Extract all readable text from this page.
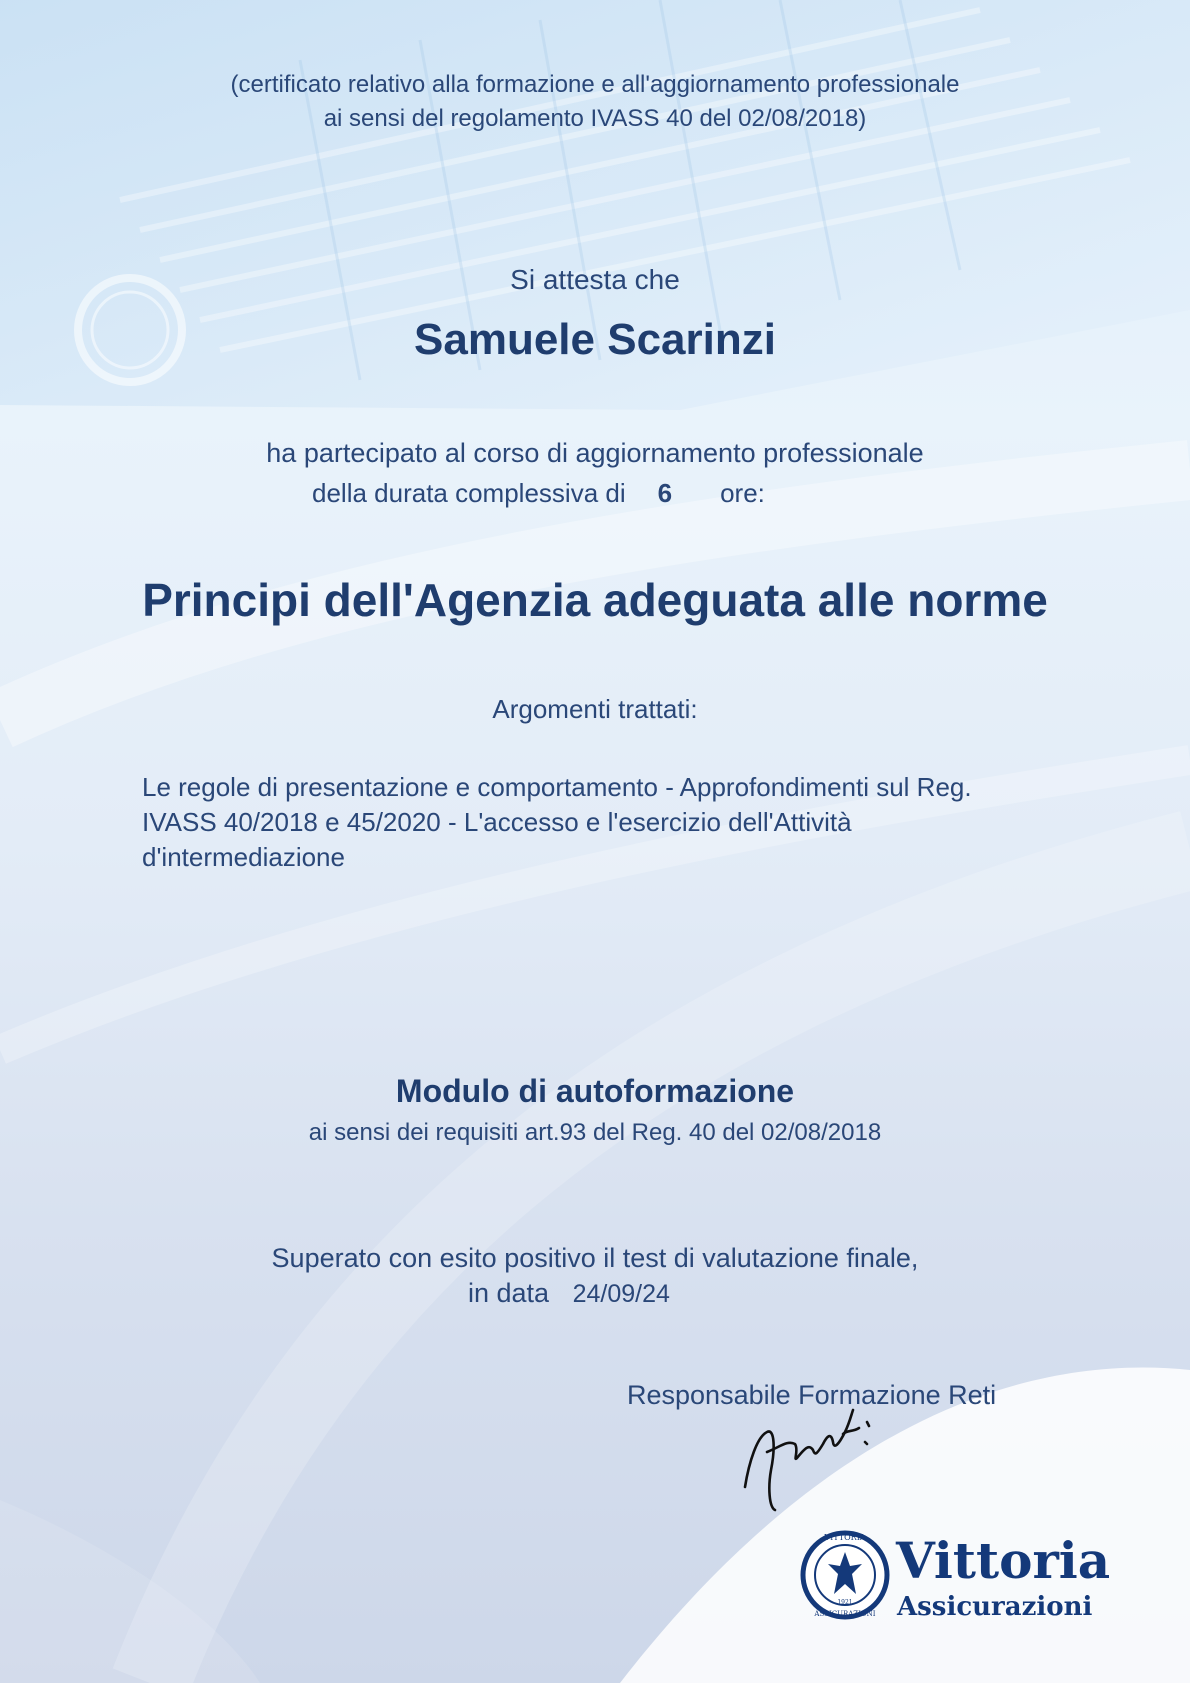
(certificato relativo alla formazione e all'aggiornamento professionale
ai sensi del regolamento IVASS 40 del 02/08/2018)
Si attesta che
Samuele Scarinzi
ha partecipato al corso di aggiornamento professionale
della durata complessiva di 6 ore:
Principi dell'Agenzia adeguata alle norme
Argomenti trattati:
Le regole di presentazione e comportamento - Approfondimenti sul Reg.
IVASS 40/2018 e 45/2020 - L'accesso e l'esercizio dell'Attività
d'intermediazione
Modulo di autoformazione
ai sensi dei requisiti art.93 del Reg. 40 del 02/08/2018
Superato con esito positivo il test di valutazione finale,
in data 24/09/24
Responsabile Formazione Reti
VITTORIA
ASSICURAZIONI
1921
Vittoria
Assicurazioni
